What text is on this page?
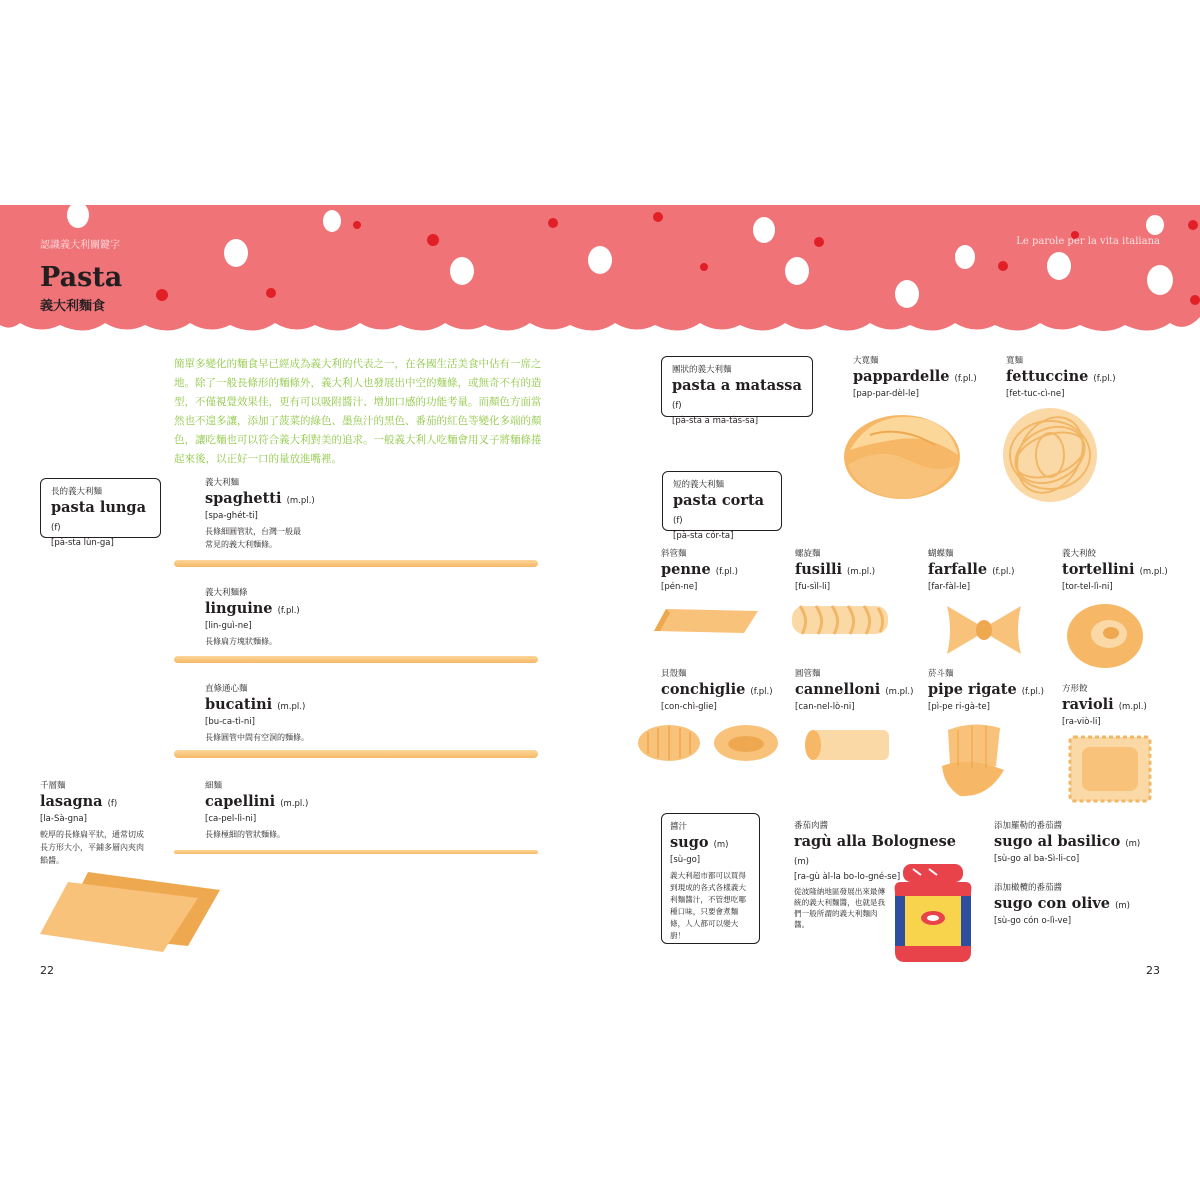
認識義大利關鍵字	Le parole per la vita italiana
Pasta
義大利麵食
簡單多變化的麵食早已經成為義大利的代表之一，在各國生活美食中佔有一席之地。除了一般長條形的麵條外，義大利人也發展出中空的麵條，或無奇不有的造型，不僅視覺效果佳，更有可以吸附醬汁、增加口感的功能考量。而顏色方面當然也不遑多讓，添加了菠菜的綠色、墨魚汁的黑色、番茄的紅色等變化多端的顏色，讓吃麵也可以符合義大利對美的追求。一般義大利人吃麵會用叉子將麵條捲起來後，以正好一口的量放進嘴裡。
長的義大利麵
pasta lunga (f)
[pà-sta lùn-ga]
義大利麵
spaghetti (m.pl.)
[spa-ghét-ti]
長條細圓管狀，台灣一般最常見的義大利麵條。
義大利麵條
linguine (f.pl.)
[lin-guì-ne]
長條扁方塊狀麵條。
直條通心麵
bucatini (m.pl.)
[bu-ca-tì-ni]
長條圓管中間有空洞的麵條。
細麵
capellini (m.pl.)
[ca-pel-lì-ni]
長條極細的管狀麵條。
千層麵
lasagna (f)
[la-Sà-gna]
較厚的長條扁平狀，通常切成長方形大小，平鋪多層內夾肉餡醬。
22
團狀的義大利麵
pasta a matassa (f)
[pà-sta a ma-tàs-sa]
大寬麵
pappardelle (f.pl.)
[pap-par-dèl-le]
寬麵
fettuccine (f.pl.)
[fet-tuc-cì-ne]
短的義大利麵
pasta corta (f)
[pà-sta cór-ta]
斜管麵
penne (f.pl.)
[pén-ne]
螺旋麵
fusilli (m.pl.)
[fu-sìl-li]
蝴蝶麵
farfalle (f.pl.)
[far-fàl-le]
義大利餃
tortellini (m.pl.)
[tor-tel-lì-ni]
貝殼麵
conchiglie (f.pl.)
[con-chì-glie]
圓管麵
cannelloni (m.pl.)
[can-nel-lò-ni]
菸斗麵
pipe rigate (f.pl.)
[pì-pe ri-gà-te]
方形餃
ravioli (m.pl.)
[ra-viò-li]
醬汁
sugo (m)
[sù-go]
義大利超市都可以買得到現成的各式各樣義大利麵醬汁，不管想吃哪種口味，只要會煮麵條，人人都可以變大廚！
番茄肉醬
ragù alla Bolognese (m)
[ra-gù àl-la bo-lo-gné-se]
從波隆納地區發展出來最傳統的義大利麵醬，也就是我們一般所謂的義大利麵肉醬。
添加羅勒的番茄醬
sugo al basilico (m)
[sù-go al ba-Sì-li-co]
添加橄欖的番茄醬
sugo con olive (m)
[sù-go cón o-lì-ve]
23
